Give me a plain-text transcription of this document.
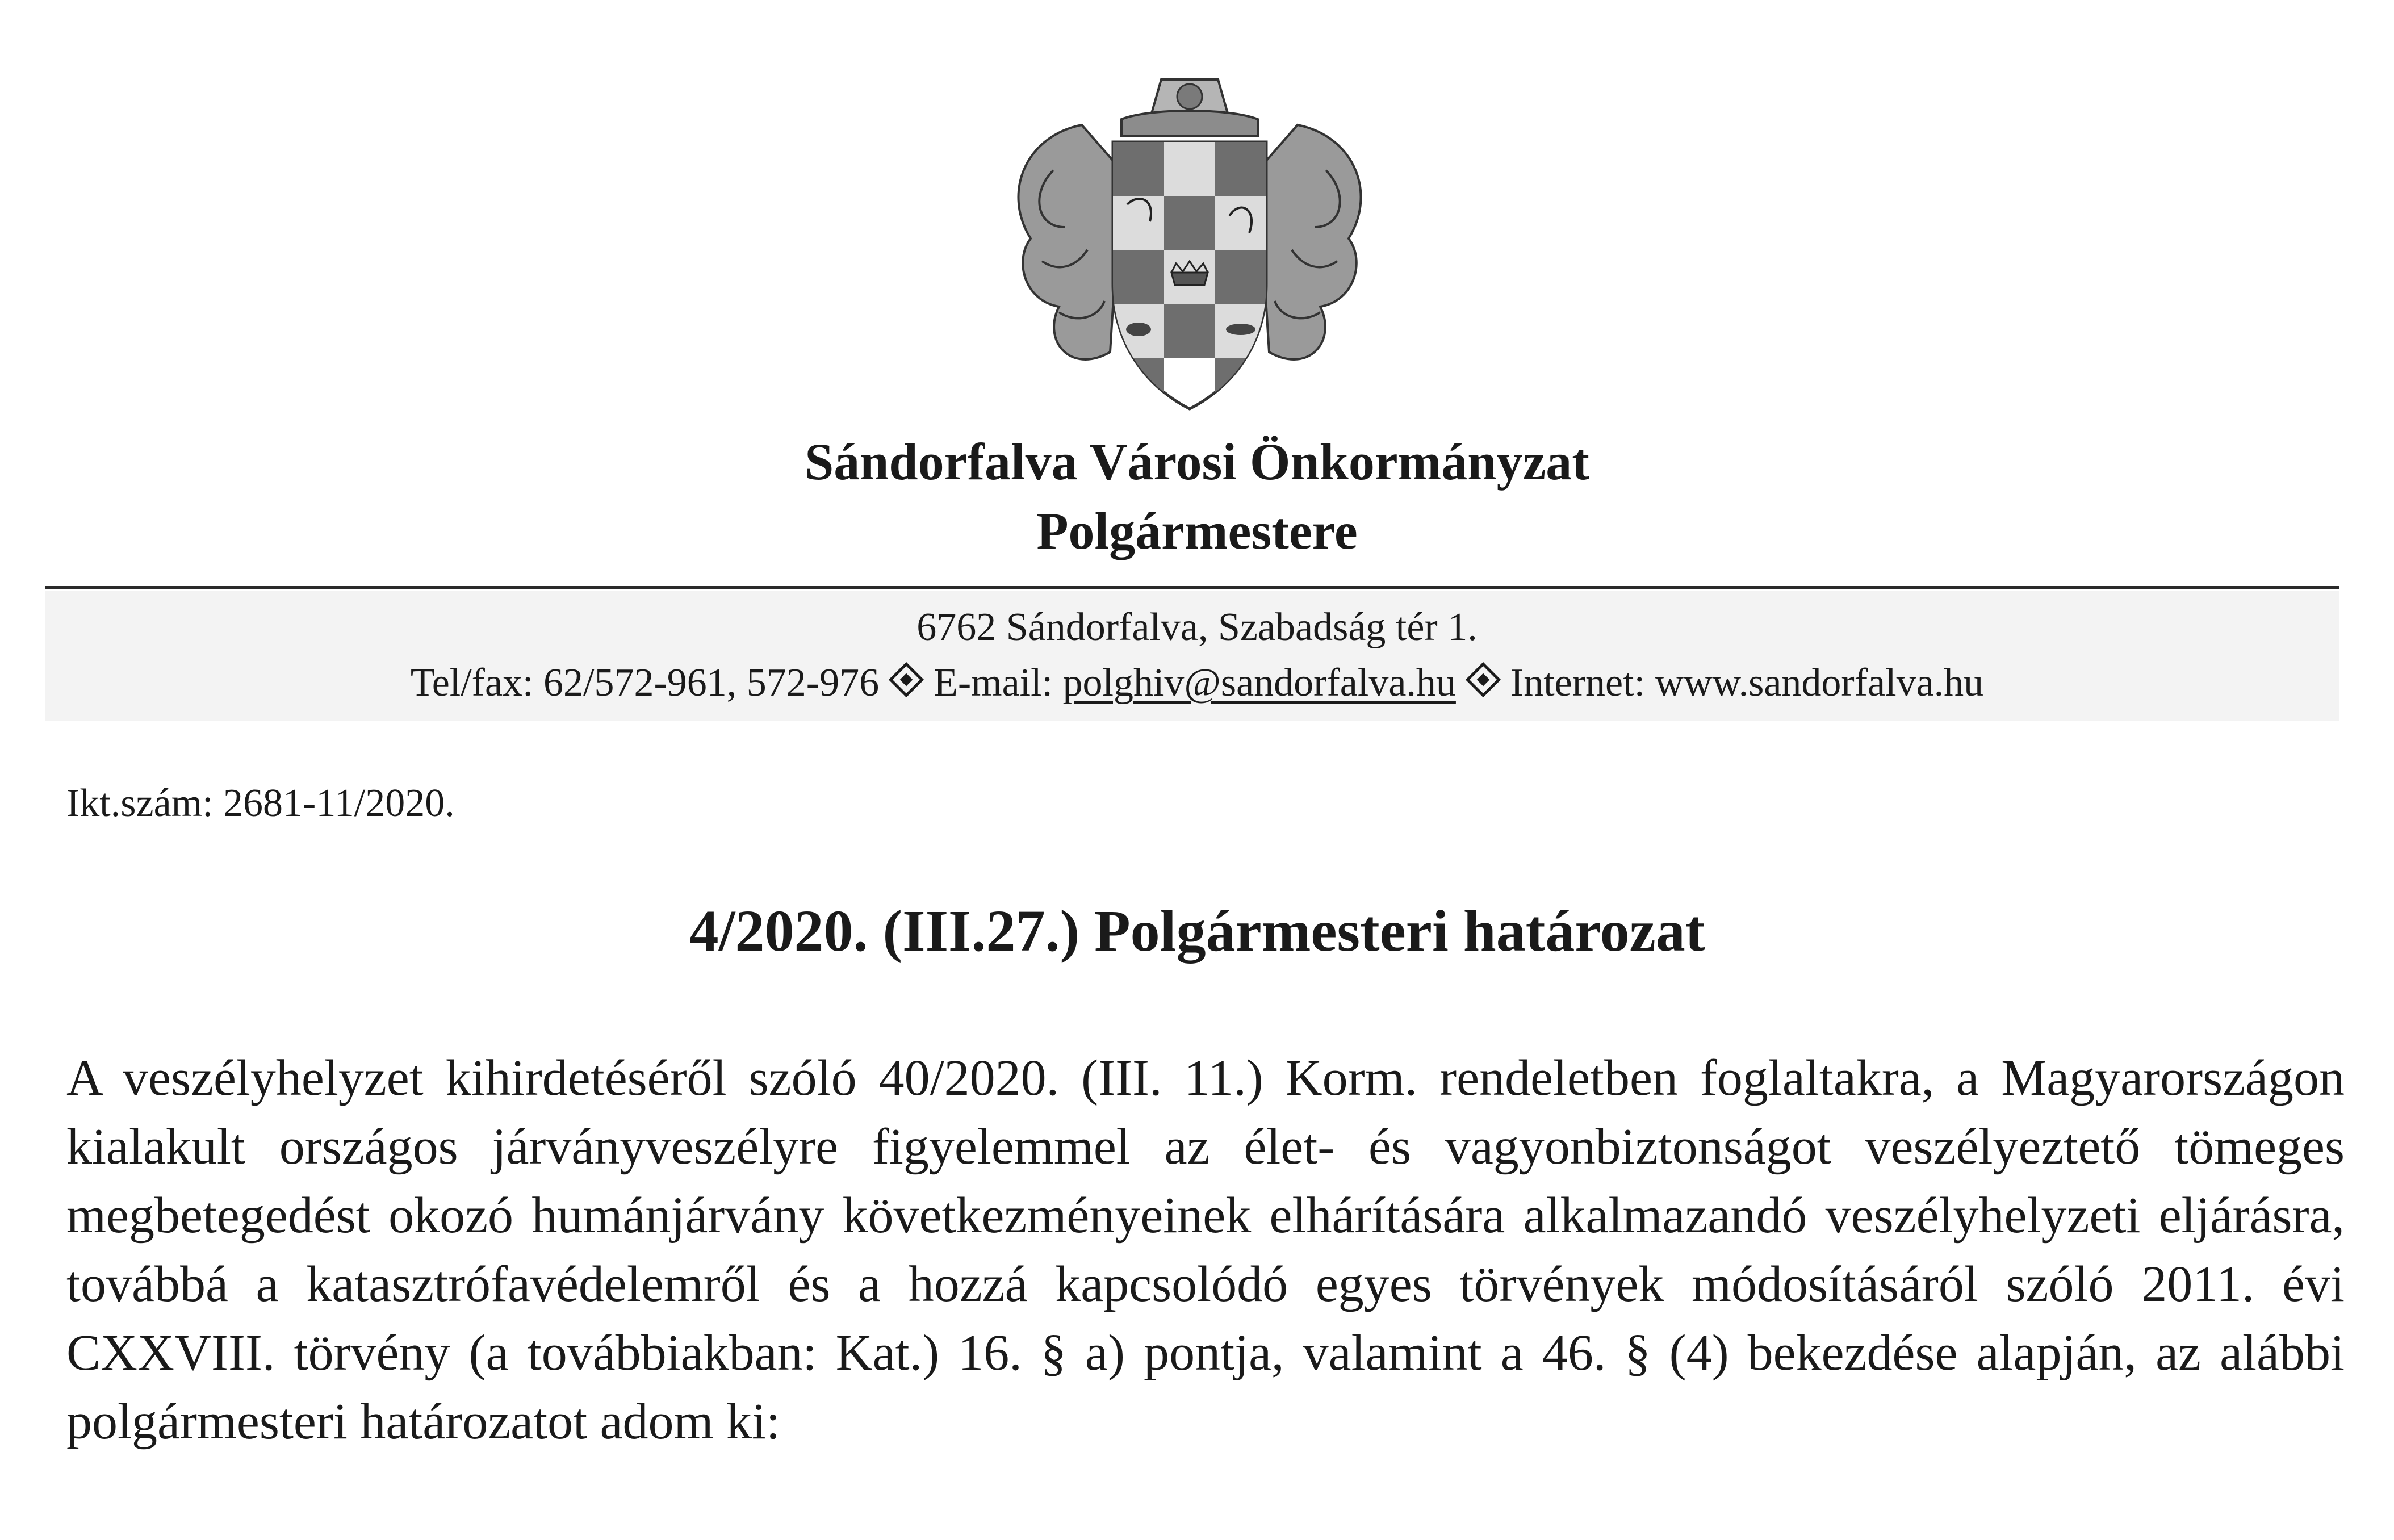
Sándorfalva Városi Önkormányzat
Polgármestere
6762 Sándorfalva, Szabadság tér 1.
Tel/fax: 62/572-961, 572-976 E-mail: polghiv@sandorfalva.hu Internet: www.sandorfalva.hu
Ikt.szám: 2681-11/2020.
4/2020. (III.27.) Polgármesteri határozat

A veszélyhelyzet kihirdetéséről szóló 40/2020. (III. 11.) Korm. rendeletben foglaltakra, a Magyarországon kialakult országos járványveszélyre figyelemmel az élet- és vagyonbiztonságot veszélyeztető tömeges megbetegedést okozó humánjárvány következményeinek elhárítására alkalmazandó veszélyhelyzeti eljárásra, továbbá a katasztrófavédelemről és a hozzá kapcsolódó egyes törvények módosításáról szóló 2011. évi CXXVIII. törvény (a továbbiakban: Kat.) 16. § a) pontja, valamint a 46. § (4) bekezdése alapján, az alábbi polgármesteri határozatot adom ki:
